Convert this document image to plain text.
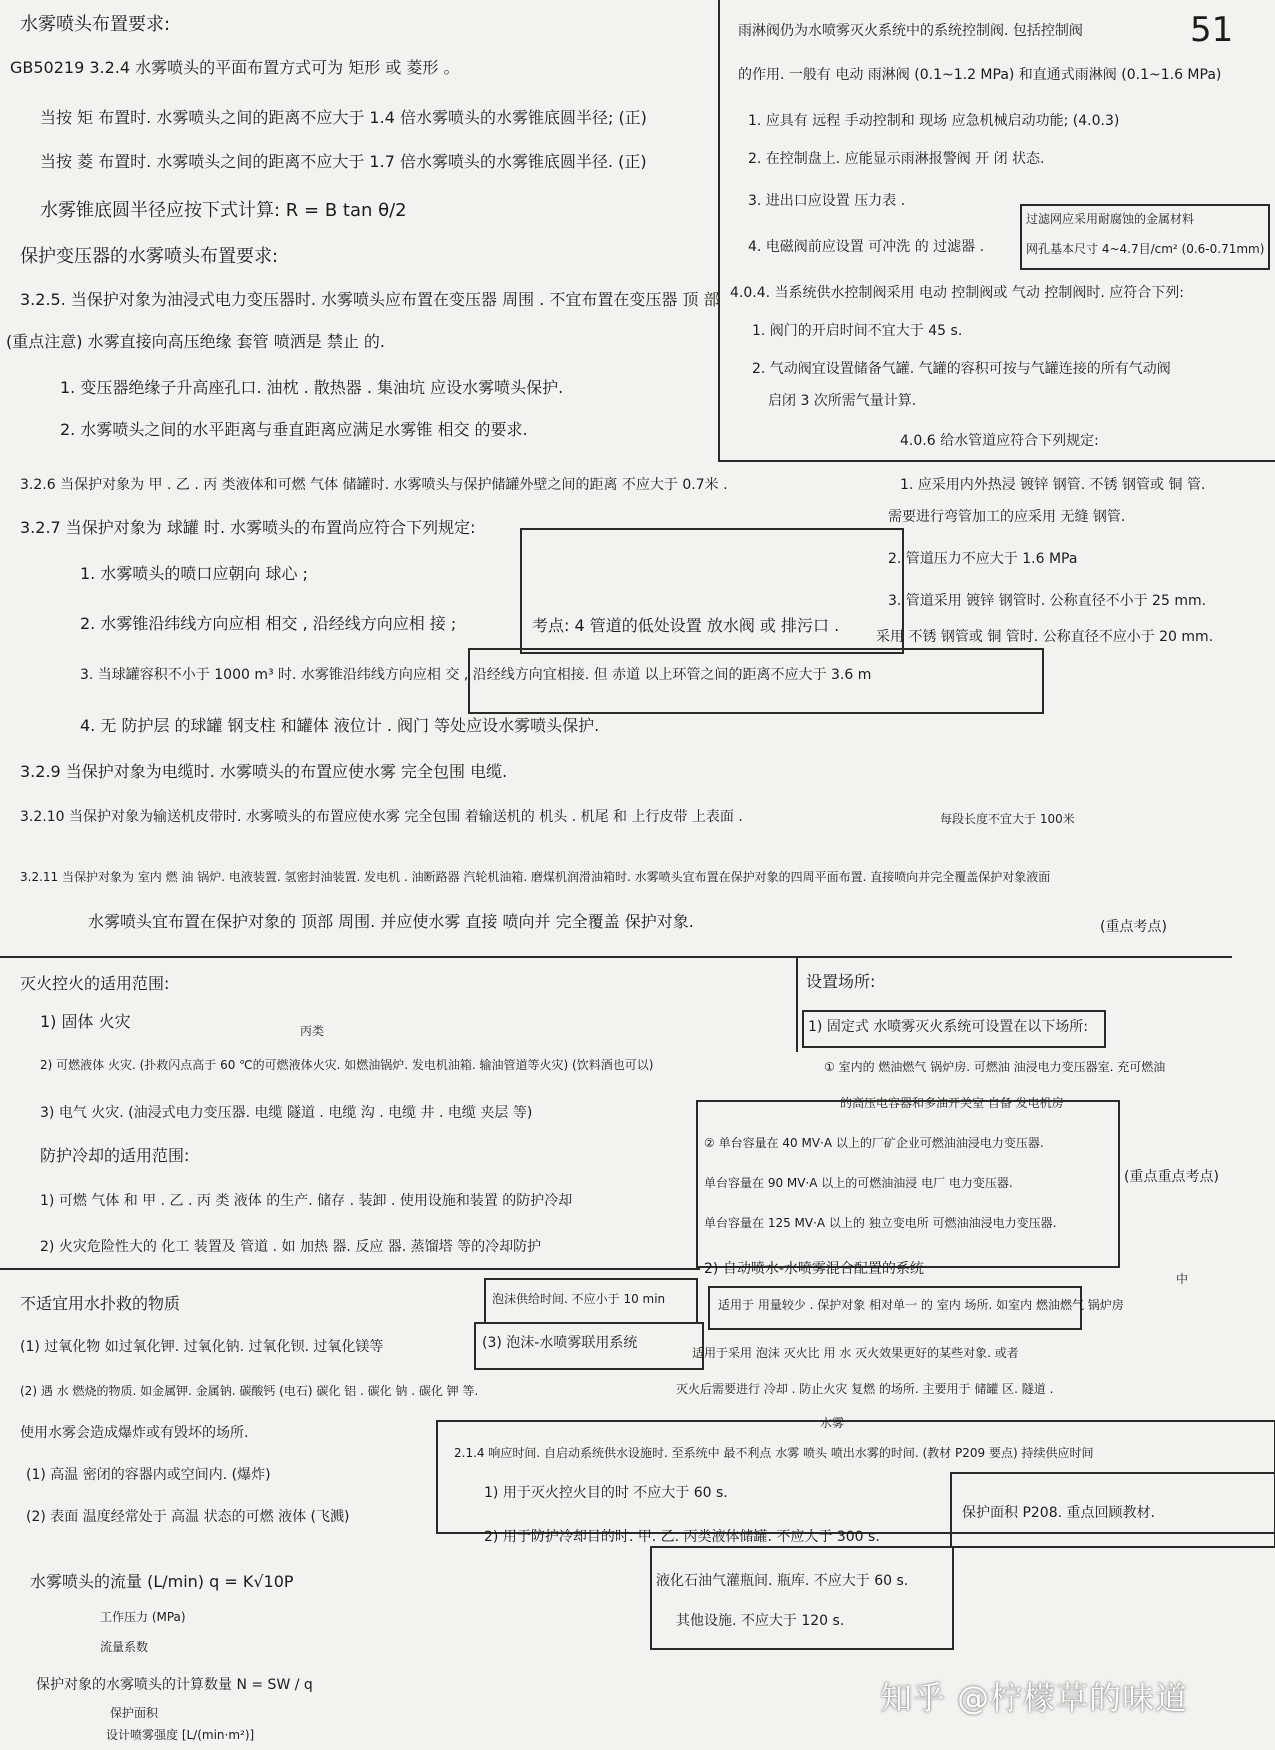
51
水雾喷头布置要求:
GB50219 3.2.4 水雾喷头的平面布置方式可为 矩形 或 菱形 。
当按 矩 布置时. 水雾喷头之间的距离不应大于 1.4 倍水雾喷头的水雾锥底圆半径; (正)
当按 菱 布置时. 水雾喷头之间的距离不应大于 1.7 倍水雾喷头的水雾锥底圆半径. (正)
水雾锥底圆半径应按下式计算: R = B tan θ/2
保护变压器的水雾喷头布置要求:
3.2.5. 当保护对象为油浸式电力变压器时. 水雾喷头应布置在变压器 周围 . 不宜布置在变压器 顶 部
(重点注意) 水雾直接向高压绝缘 套管 喷洒是 禁止 的.
1. 变压器绝缘子升高座孔口. 油枕 . 散热器 . 集油坑 应设水雾喷头保护.
2. 水雾喷头之间的水平距离与垂直距离应满足水雾锥 相交 的要求.
3.2.6 当保护对象为 甲 . 乙 . 丙 类液体和可燃 气体 储罐时. 水雾喷头与保护储罐外壁之间的距离 不应大于 0.7米 .
3.2.7 当保护对象为 球罐 时. 水雾喷头的布置尚应符合下列规定:
1. 水雾喷头的喷口应朝向 球心 ;
2. 水雾锥沿纬线方向应相 相交 , 沿经线方向应相 接 ;
3. 当球罐容积不小于 1000 m³ 时. 水雾锥沿纬线方向应相 交 , 沿经线方向宜相接. 但 赤道 以上环管之间的距离不应大于 3.6 m
4. 无 防护层 的球罐 钢支柱 和罐体 液位计 . 阀门 等处应设水雾喷头保护.
3.2.9 当保护对象为电缆时. 水雾喷头的布置应使水雾 完全包围 电缆.
3.2.10 当保护对象为输送机皮带时. 水雾喷头的布置应使水雾 完全包围 着输送机的 机头 . 机尾 和 上行皮带 上表面 .	每段长度不宜大于 100米
3.2.11 当保护对象为 室内 燃 油 锅炉. 电液装置. 氢密封油装置. 发电机 . 油断路器 汽轮机油箱. 磨煤机润滑油箱时. 水雾喷头宜布置在保护对象的四周平面布置. 直接喷向并完全覆盖保护对象液面
水雾喷头宜布置在保护对象的 顶部 周围. 并应使水雾 直接 喷向并 完全覆盖 保护对象.	(重点考点)
考点: 4 管道的低处设置 放水阀 或 排污口 .
雨淋阀仍为水喷雾灭火系统中的系统控制阀. 包括控制阀
的作用. 一般有 电动 雨淋阀 (0.1~1.2 MPa) 和直通式雨淋阀 (0.1~1.6 MPa)
1. 应具有 远程 手动控制和 现场 应急机械启动功能; (4.0.3)
2. 在控制盘上. 应能显示雨淋报警阀 开 闭 状态.
3. 进出口应设置 压力表 .
4. 电磁阀前应设置 可冲洗 的 过滤器 .
过滤网应采用耐腐蚀的金属材料
网孔基本尺寸 4~4.7目/cm² (0.6-0.71mm)
4.0.4. 当系统供水控制阀采用 电动 控制阀或 气动 控制阀时. 应符合下列:
1. 阀门的开启时间不宜大于 45 s.
2. 气动阀宜设置储备气罐. 气罐的容积可按与气罐连接的所有气动阀
启闭 3 次所需气量计算.
4.0.6 给水管道应符合下列规定:
1. 应采用内外热浸 镀锌 钢管. 不锈 钢管或 铜 管.
需要进行弯管加工的应采用 无缝 钢管.
2. 管道压力不应大于 1.6 MPa
3. 管道采用 镀锌 钢管时. 公称直径不小于 25 mm.
采用 不锈 钢管或 铜 管时. 公称直径不应小于 20 mm.
灭火控火的适用范围:
1) 固体 火灾	丙类
2) 可燃液体 火灾. (扑救闪点高于 60 ℃的可燃液体火灾. 如燃油锅炉. 发电机油箱. 输油管道等火灾) (饮料酒也可以)
3) 电气 火灾. (油浸式电力变压器. 电缆 隧道 . 电缆 沟 . 电缆 井 . 电缆 夹层 等)
防护冷却的适用范围:
1) 可燃 气体 和 甲 . 乙 . 丙 类 液体 的生产. 储存 . 装卸 . 使用设施和装置 的防护冷却
2) 火灾危险性大的 化工 装置及 管道 . 如 加热 器. 反应 器. 蒸馏塔 等的冷却防护
设置场所:
1) 固定式 水喷雾灭火系统可设置在以下场所:
① 室内的 燃油燃气 锅炉房. 可燃油 油浸电力变压器室. 充可燃油
的高压电容器和多油开关室 自备 发电机房
② 单台容量在 40 MV·A 以上的厂矿企业可燃油油浸电力变压器.
单台容量在 90 MV·A 以上的可燃油油浸 电厂 电力变压器.
单台容量在 125 MV·A 以上的 独立变电所 可燃油油浸电力变压器.
(重点重点考点)
2) 自动喷水-水喷雾混合配置的系统
中
适用于 用量较少 . 保护对象 相对单一 的 室内 场所. 如室内 燃油燃气 锅炉房
泡沫供给时间. 不应小于 10 min
(3) 泡沫-水喷雾联用系统
适用于采用 泡沫 灭火比 用 水 灭火效果更好的某些对象. 或者
灭火后需要进行 冷却 . 防止火灾 复燃 的场所. 主要用于 储罐 区. 隧道 .
不适宜用水扑救的物质
(1) 过氧化物 如过氧化钾. 过氧化钠. 过氧化钡. 过氧化镁等
(2) 遇 水 燃烧的物质. 如金属钾. 金属钠. 碳酸钙 (电石) 碳化 铝 . 碳化 钠 . 碳化 钾 等.
使用水雾会造成爆炸或有毁坏的场所.
(1) 高温 密闭的容器内或空间内. (爆炸)
(2) 表面 温度经常处于 高温 状态的可燃 液体 (飞溅)
水雾
2.1.4 响应时间. 自启动系统供水设施时. 至系统中 最不利点 水雾 喷头 喷出水雾的时间. (教材 P209 要点) 持续供应时间
1) 用于灭火控火目的时 不应大于 60 s.
2) 用于防护冷却目的时. 甲. 乙. 丙类液体储罐. 不应大于 300 s.
液化石油气灌瓶间. 瓶库. 不应大于 60 s.
其他设施. 不应大于 120 s.
保护面积 P208. 重点回顾教材.
水雾喷头的流量 (L/min) q = K√10P
工作压力 (MPa)
流量系数
保护对象的水雾喷头的计算数量 N = SW / q
保护面积
设计喷雾强度 [L/(min·m²)]
知乎 @柠檬草的味道
